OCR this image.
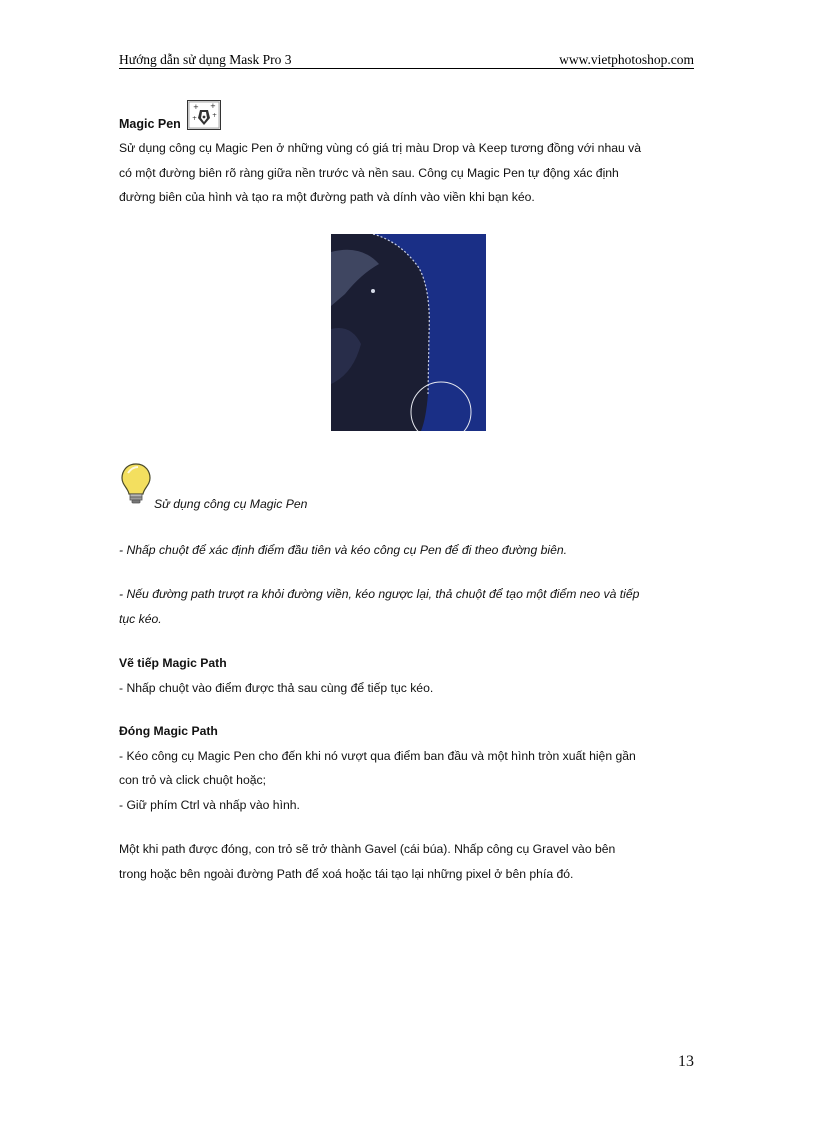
Hướng dẫn sử dụng Mask Pro 3	www.vietphotoshop.com
Magic Pen
+ +
+
+
Sử dụng công cụ Magic Pen ở những vùng có giá trị màu Drop và Keep tương đồng với nhau và
có một đường biên rõ ràng giữa nền trước và nền sau. Công cụ Magic Pen tự động xác định
đường biên của hình và tạo ra một đường path và dính vào viền khi bạn kéo.
Sử dụng công cụ Magic Pen
- Nhấp chuột để xác định điểm đầu tiên và kéo công cụ Pen để đi theo đường biên.
- Nếu đường path trượt ra khỏi đường viền, kéo ngược lại, thả chuột để tạo một điểm neo và tiếp
tục kéo.
Vẽ tiếp Magic Path
- Nhấp chuột vào điểm được thả sau cùng để tiếp tục kéo.
Đóng Magic Path
- Kéo công cụ Magic Pen cho đến khi nó vượt qua điểm ban đầu và một hình tròn xuất hiện gần
con trỏ và click chuột hoặc;
- Giữ phím Ctrl và nhấp vào hình.
Một khi path được đóng, con trỏ sẽ trở thành Gavel (cái búa). Nhấp công cụ Gravel vào bên
trong hoặc bên ngoài đường Path để xoá hoặc tái tạo lại những pixel ở bên phía đó.
13
